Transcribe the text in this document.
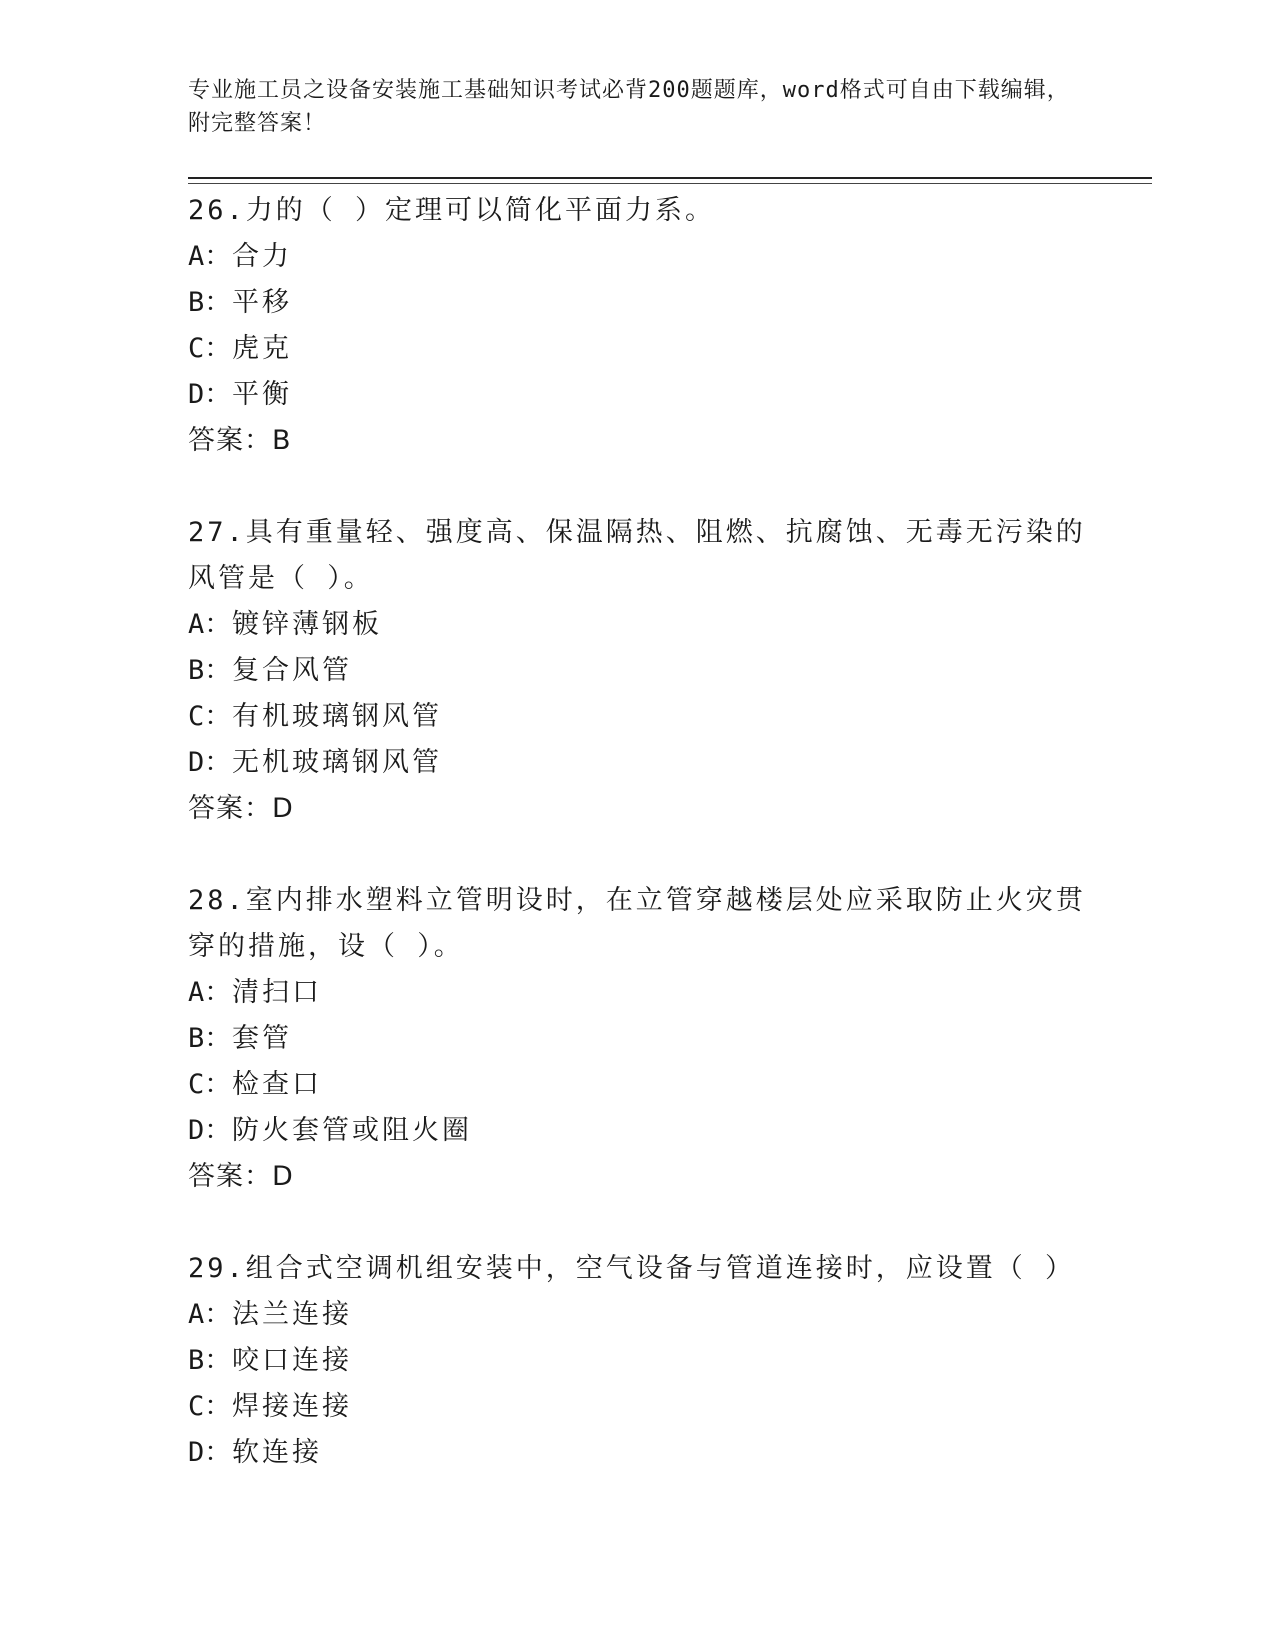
专业施工员之设备安装施工基础知识考试必背200题题库，word格式可自由下载编辑，附完整答案！
26.力的（ ）定理可以简化平面力系。
A：合力
B：平移
C：虎克
D：平衡
答案：B
27.具有重量轻、强度高、保温隔热、阻燃、抗腐蚀、无毒无污染的风管是（ ）。
A：镀锌薄钢板
B：复合风管
C：有机玻璃钢风管
D：无机玻璃钢风管
答案：D
28.室内排水塑料立管明设时，在立管穿越楼层处应采取防止火灾贯穿的措施，设（ ）。
A：清扫口
B：套管
C：检查口
D：防火套管或阻火圈
答案：D
29.组合式空调机组安装中，空气设备与管道连接时，应设置（ ）
A：法兰连接
B：咬口连接
C：焊接连接
D：软连接
